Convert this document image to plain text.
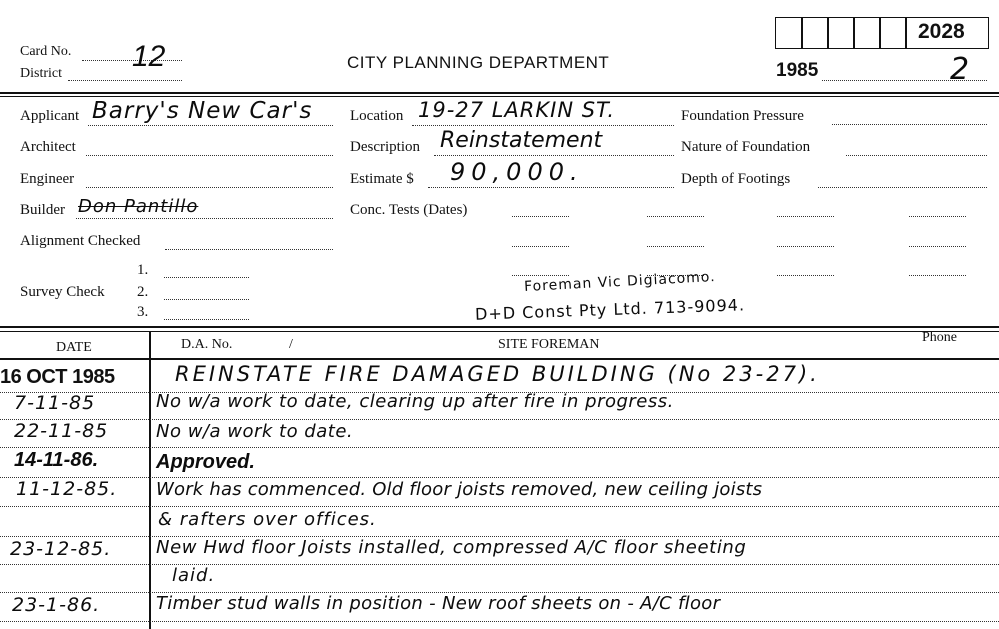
2028
Card No. 12
District
CITY PLANNING DEPARTMENT	1985	2
Applicant Barry's New Car's
Architect
Engineer
Builder Don Pantillo
Alignment Checked
1.
Survey Check 2.
3.
Location 19-27 LARKIN ST.
Description Reinstatement
Estimate $ 90,000.
Conc. Tests (Dates)
Foreman Vic Digiacomo.
D+D Const Pty Ltd. 713-9094.
Foundation Pressure
Nature of Foundation
Depth of Footings
DATE	D.A. No.	/	SITE FOREMAN	Phone
16 OCT 1985	REINSTATE FIRE DAMAGED BUILDING (No 23-27).
7-11-85	No w/a work to date, clearing up after fire in progress.
22-11-85	No w/a work to date.
14-11-86.	Approved.
11-12-85. Work has commenced. Old floor joists removed, new ceiling joists
& rafters over offices.
23-12-85. New Hwd floor Joists installed, compressed A/C floor sheeting
laid.
23-1-86.	Timber stud walls in position - New roof sheets on - A/C floor
